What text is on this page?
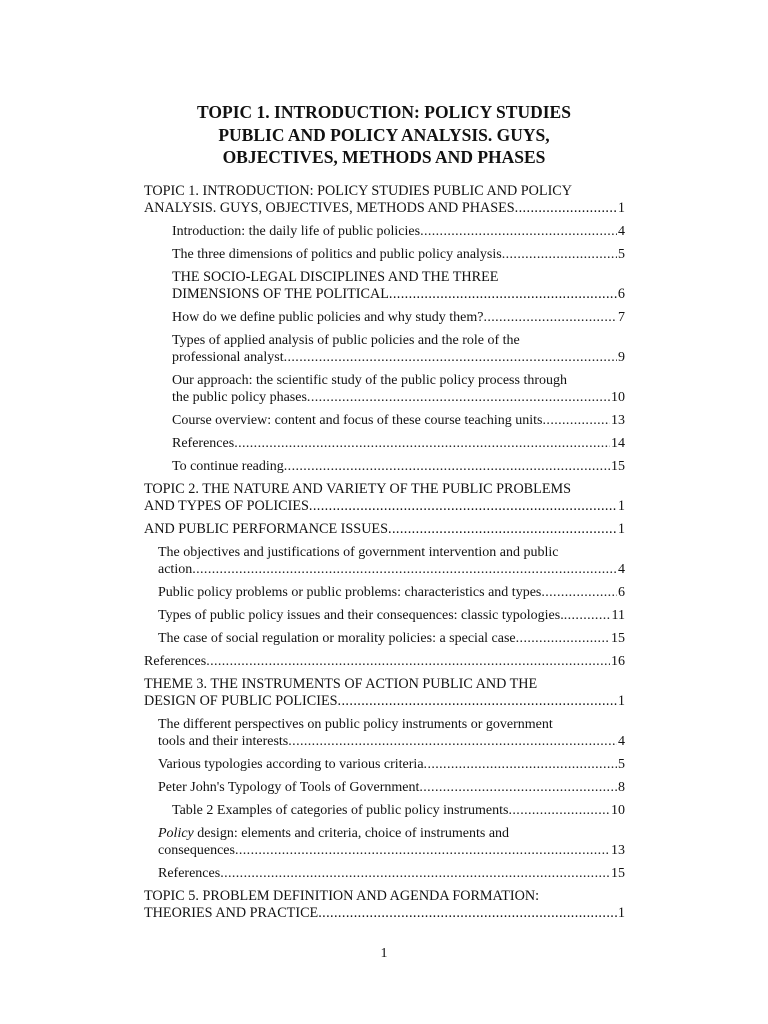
TOPIC 1. INTRODUCTION: POLICY STUDIES
PUBLIC AND POLICY ANALYSIS. GUYS,
OBJECTIVES, METHODS AND PHASES
TOPIC 1. INTRODUCTION: POLICY STUDIES PUBLIC AND POLICY
ANALYSIS. GUYS, OBJECTIVES, METHODS AND PHASES .....	1
Introduction: the daily life of public policies .....	4
The three dimensions of politics and public policy analysis .....	5
THE SOCIO-LEGAL DISCIPLINES AND THE THREE
DIMENSIONS OF THE POLITICAL .....	6
How do we define public policies and why study them? .....	7
Types of applied analysis of public policies and the role of the
professional analyst .....	9
Our approach: the scientific study of the public policy process through
the public policy phases .....	10
Course overview: content and focus of these course teaching units .....	13
References .....	14
To continue reading .....	15
TOPIC 2. THE NATURE AND VARIETY OF THE PUBLIC PROBLEMS
AND TYPES OF POLICIES .....	1
AND PUBLIC PERFORMANCE ISSUES .....	1
The objectives and justifications of government intervention and public
action .....	4
Public policy problems or public problems: characteristics and types .....	6
Types of public policy issues and their consequences: classic typologies. .....	11
The case of social regulation or morality policies: a special case .....	15
References .....	16
THEME 3. THE INSTRUMENTS OF ACTION PUBLIC AND THE
DESIGN OF PUBLIC POLICIES .....	1
The different perspectives on public policy instruments or government
tools and their interests .....	4
Various typologies according to various criteria .....	5
Peter John's Typology of Tools of Government .....	8
Table 2 Examples of categories of public policy instruments .....	10
Policy design: elements and criteria, choice of instruments and
consequences .....	13
References .....	15
TOPIC 5. PROBLEM DEFINITION AND AGENDA FORMATION:
THEORIES AND PRACTICE .....	1
1
